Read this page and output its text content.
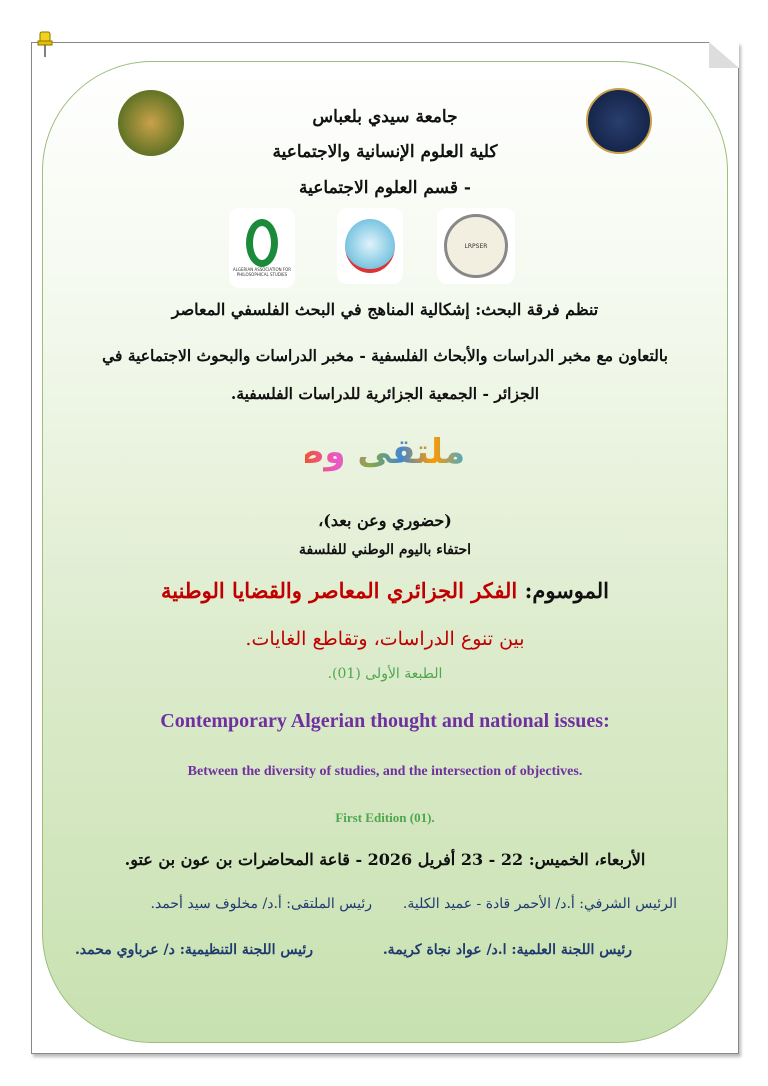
جامعة سيدي بلعباس
كلية العلوم الإنسانية والاجتماعية
- قسم العلوم الاجتماعية
ALGERIAN ASSOCIATION FOR PHILOSOPHICAL STUDIES
LRPSER
تنظم فرقة البحث: إشكالية المناهج في البحث الفلسفي المعاصر
بالتعاون مع مخبر الدراسات والأبحاث الفلسفية - مخبر الدراسات والبحوث الاجتماعية في
الجزائر - الجمعية الجزائرية للدراسات الفلسفية.
ملتقى وطنيا
(حضوري وعن بعد)،
احتفاء باليوم الوطني للفلسفة
الموسوم: الفكر الجزائري المعاصر والقضايا الوطنية
بين تنوع الدراسات، وتقاطع الغايات.
الطبعة الأولى (01).
Contemporary Algerian thought and national issues:
Between the diversity of studies, and the intersection of objectives.
First Edition (01).
الأربعاء، الخميس: 22 - 23 أفريل 2026 - قاعة المحاضرات بن عون بن عتو.
الرئيس الشرفي: أ.د/ الأحمر قادة - عميد الكلية.  رئيس الملتقى: أ.د/ مخلوف سيد أحمد.
رئيس اللجنة العلمية: ا.د/ عواد نجاة كريمة.  رئيس اللجنة التنظيمية: د/ عرباوي محمد.
